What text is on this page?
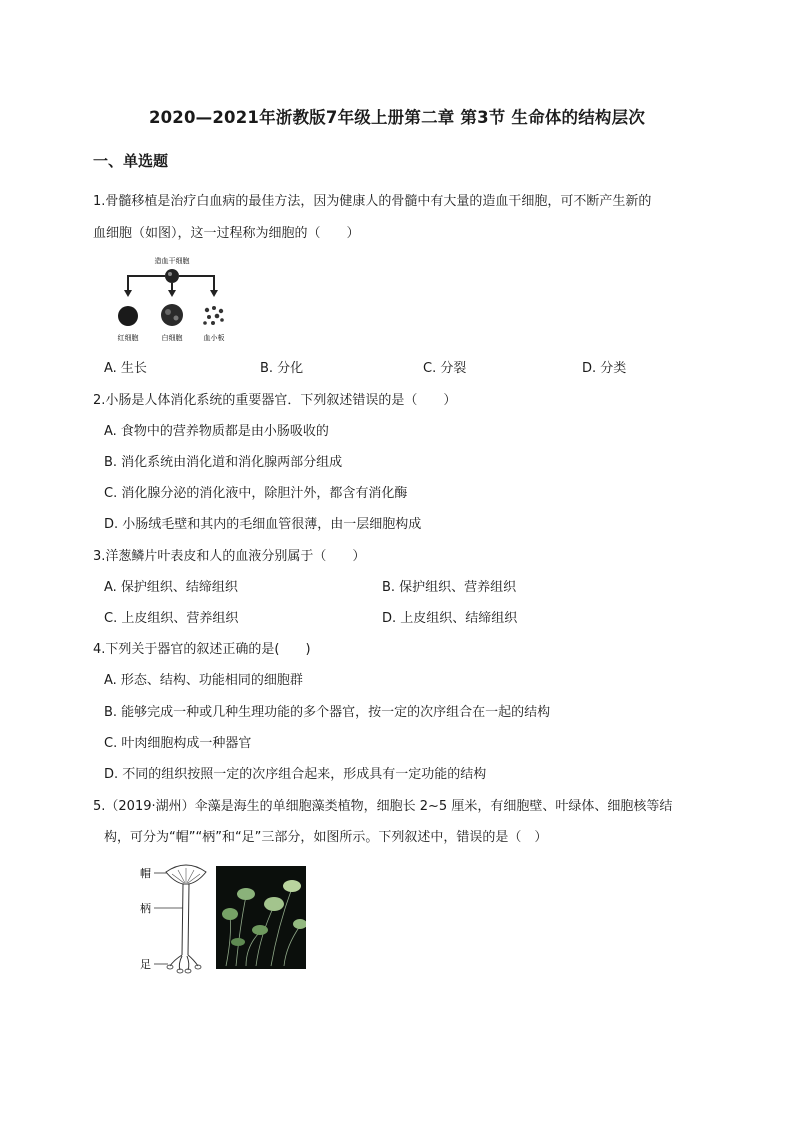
2020—2021年浙教版7年级上册第二章 第3节 生命体的结构层次
一、单选题
1.骨髓移植是治疗白血病的最佳方法，因为健康人的骨髓中有大量的造血干细胞，可不断产生新的
血细胞（如图），这一过程称为细胞的（　　）
造血干细胞
红细胞	白细胞	血小板
A. 生长	B. 分化	C. 分裂	D. 分类
2.小肠是人体消化系统的重要器官．下列叙述错误的是（　　）
A. 食物中的营养物质都是由小肠吸收的
B. 消化系统由消化道和消化腺两部分组成
C. 消化腺分泌的消化液中，除胆汁外，都含有消化酶
D. 小肠绒毛壁和其内的毛细血管很薄，由一层细胞构成
3.洋葱鳞片叶表皮和人的血液分别属于（　　）
A. 保护组织、结缔组织	B. 保护组织、营养组织
C. 上皮组织、营养组织	D. 上皮组织、结缔组织
4.下列关于器官的叙述正确的是(　　)
A. 形态、结构、功能相同的细胞群
B. 能够完成一种或几种生理功能的多个器官，按一定的次序组合在一起的结构
C. 叶肉细胞构成一种器官
D. 不同的组织按照一定的次序组合起来，形成具有一定功能的结构
5.（2019·湖州）伞藻是海生的单细胞藻类植物，细胞长 2~5 厘米，有细胞壁、叶绿体、细胞核等结
构，可分为“帽”“柄”和“足”三部分，如图所示。下列叙述中，错误的是（　）
帽
柄
足
